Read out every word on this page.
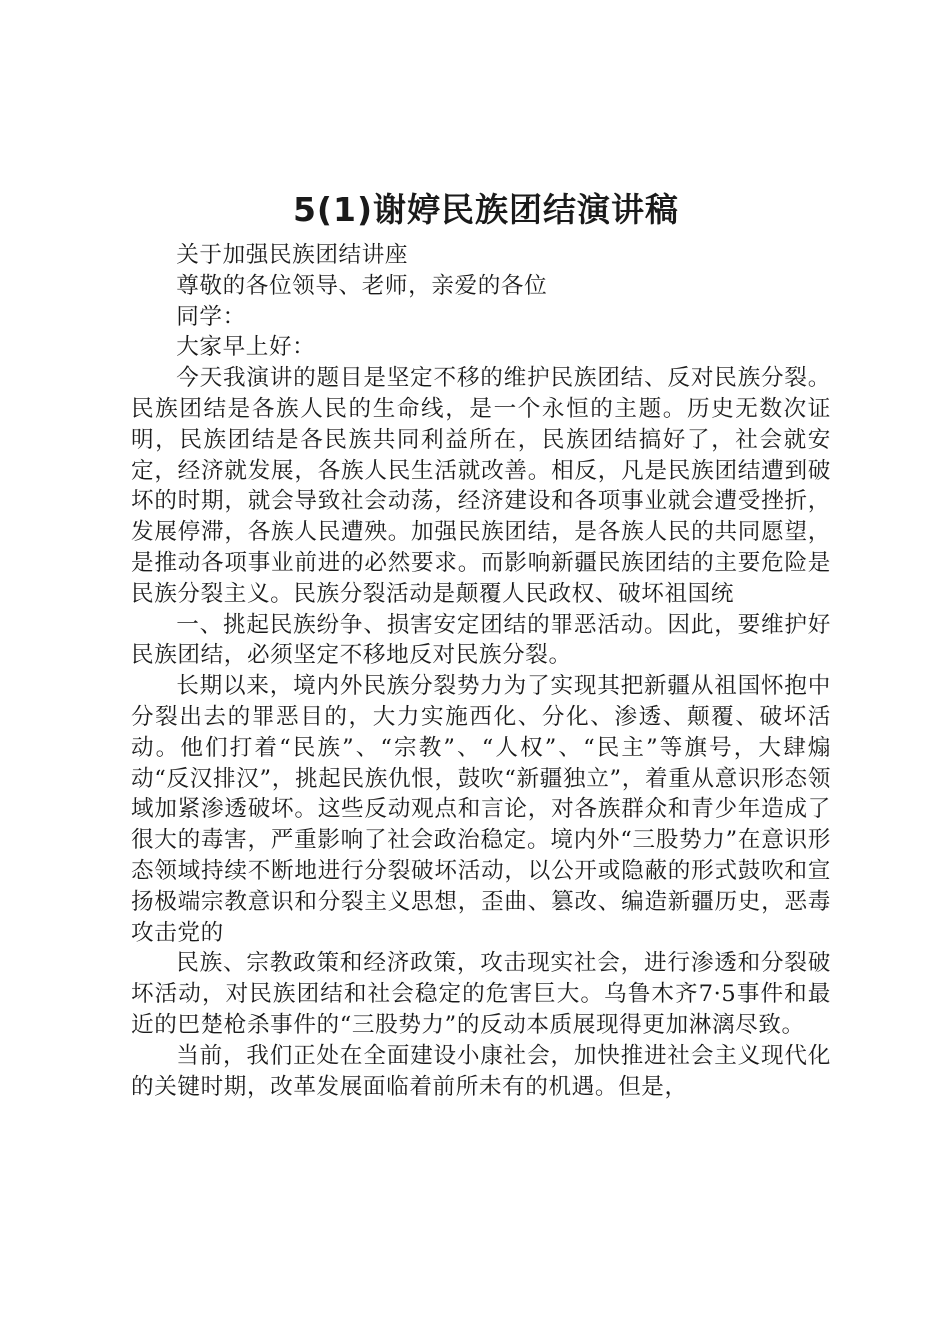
5(1)谢婷民族团结演讲稿

关于加强民族团结讲座

尊敬的各位领导、老师，亲爱的各位

同学：

大家早上好：

今天我演讲的题目是坚定不移的维护民族团结、反对民族分裂。民族团结是各族人民的生命线，是一个永恒的主题。历史无数次证明，民族团结是各民族共同利益所在，民族团结搞好了，社会就安定，经济就发展，各族人民生活就改善。相反，凡是民族团结遭到破坏的时期，就会导致社会动荡，经济建设和各项事业就会遭受挫折，发展停滞，各族人民遭殃。加强民族团结，是各族人民的共同愿望，是推动各项事业前进的必然要求。而影响新疆民族团结的主要危险是民族分裂主义。民族分裂活动是颠覆人民政权、破坏祖国统

一、挑起民族纷争、损害安定团结的罪恶活动。因此，要维护好民族团结，必须坚定不移地反对民族分裂。

长期以来，境内外民族分裂势力为了实现其把新疆从祖国怀抱中分裂出去的罪恶目的，大力实施西化、分化、渗透、颠覆、破坏活动。他们打着“民族”、“宗教”、“人权”、“民主”等旗号，大肆煽动“反汉排汉”，挑起民族仇恨，鼓吹“新疆独立”，着重从意识形态领域加紧渗透破坏。这些反动观点和言论，对各族群众和青少年造成了很大的毒害，严重影响了社会政治稳定。境内外“三股势力”在意识形态领域持续不断地进行分裂破坏活动，以公开或隐蔽的形式鼓吹和宣扬极端宗教意识和分裂主义思想，歪曲、篡改、编造新疆历史，恶毒攻击党的

民族、宗教政策和经济政策，攻击现实社会，进行渗透和分裂破坏活动，对民族团结和社会稳定的危害巨大。乌鲁木齐7·5事件和最近的巴楚枪杀事件的“三股势力”的反动本质展现得更加淋漓尽致。

当前，我们正处在全面建设小康社会，加快推进社会主义现代化的关键时期，改革发展面临着前所未有的机遇。但是，
